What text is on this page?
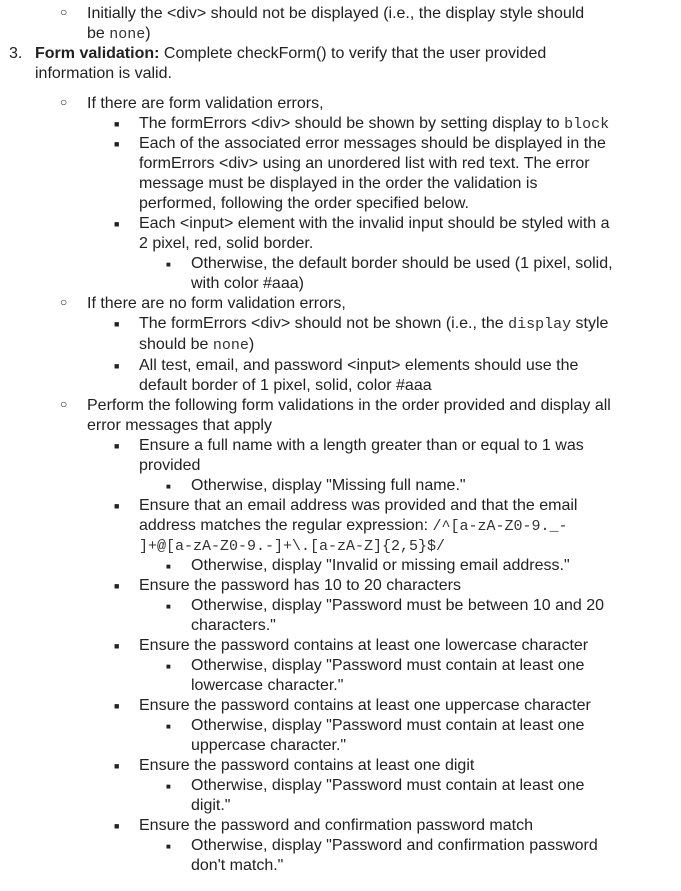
○ Initially the <div> should not be displayed (i.e., the display style should
be none)
3. Form validation: Complete checkForm() to verify that the user provided
information is valid.
○ If there are form validation errors,
■ The formErrors <div> should be shown by setting display to block
■ Each of the associated error messages should be displayed in the
formErrors <div> using an unordered list with red text. The error
message must be displayed in the order the validation is
performed, following the order specified below.
■ Each <input> element with the invalid input should be styled with a
2 pixel, red, solid border.
■ Otherwise, the default border should be used (1 pixel, solid,
with color #aaa)
○ If there are no form validation errors,
■ The formErrors <div> should not be shown (i.e., the display style
should be none)
■ All test, email, and password <input> elements should use the
default border of 1 pixel, solid, color #aaa
○ Perform the following form validations in the order provided and display all
error messages that apply
■ Ensure a full name with a length greater than or equal to 1 was
provided
■ Otherwise, display "Missing full name."
■ Ensure that an email address was provided and that the email
address matches the regular expression: /^[a-zA-Z0-9._-
]+@[a-zA-Z0-9.-]+\.[a-zA-Z]{2,5}$/
■ Otherwise, display "Invalid or missing email address."
■ Ensure the password has 10 to 20 characters
■ Otherwise, display "Password must be between 10 and 20
characters."
■ Ensure the password contains at least one lowercase character
■ Otherwise, display "Password must contain at least one
lowercase character."
■ Ensure the password contains at least one uppercase character
■ Otherwise, display "Password must contain at least one
uppercase character."
■ Ensure the password contains at least one digit
■ Otherwise, display "Password must contain at least one
digit."
■ Ensure the password and confirmation password match
■ Otherwise, display "Password and confirmation password
don't match."
